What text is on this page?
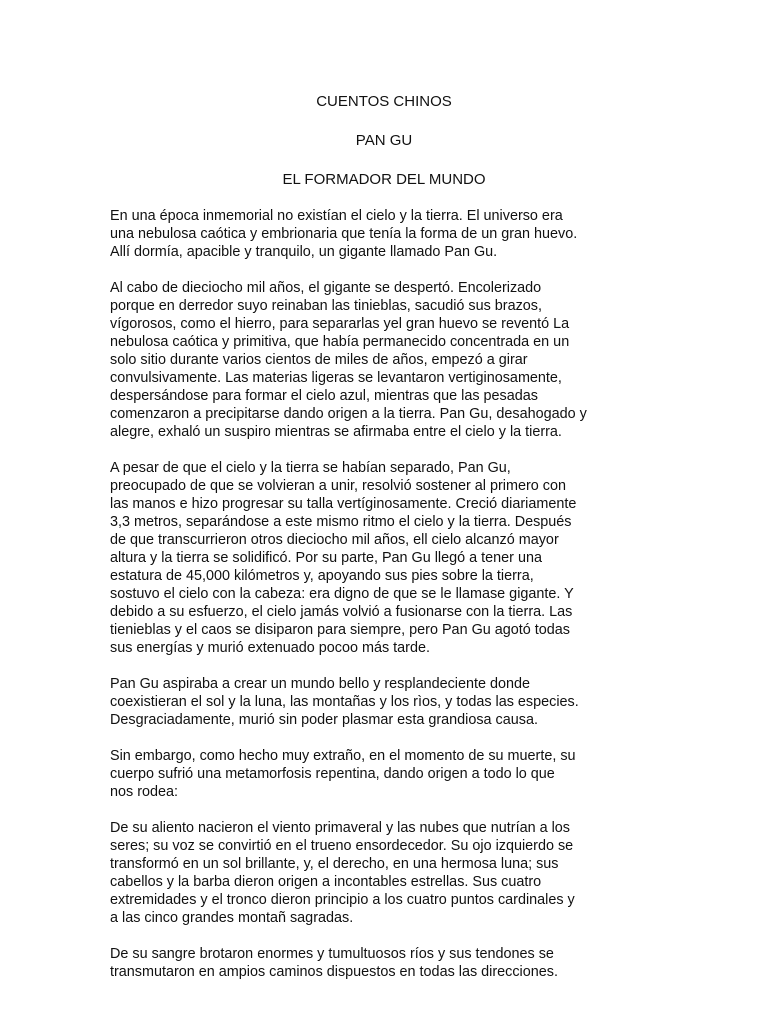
CUENTOS CHINOS
PAN GU
EL FORMADOR DEL MUNDO

En una época inmemorial no existían el cielo y la tierra. El universo era
una nebulosa caótica y embrionaria que tenía la forma de un gran huevo.
Allí dormía, apacible y tranquilo, un gigante llamado Pan Gu.

Al cabo de dieciocho mil años, el gigante se despertó. Encolerizado
porque en derredor suyo reinaban las tinieblas, sacudió sus brazos,
vígorosos, como el hierro, para separarlas yel gran huevo se reventó La
nebulosa caótica y primitiva, que había permanecido concentrada en un
solo sitio durante varios cientos de miles de años, empezó a girar
convulsivamente. Las materias ligeras se levantaron vertiginosamente,
despersándose para formar el cielo azul, mientras que las pesadas
comenzaron a precipitarse dando origen a la tierra. Pan Gu, desahogado y
alegre, exhaló un suspiro mientras se afirmaba entre el cielo y la tierra.

A pesar de que el cielo y la tierra se habían separado, Pan Gu,
preocupado de que se volvieran a unir, resolvió sostener al primero con
las manos e hizo progresar su talla vertíginosamente. Creció diariamente
3,3 metros, separándose a este mismo ritmo el cielo y la tierra. Después
de que transcurrieron otros dieciocho mil años, ell cielo alcanzó mayor
altura y la tierra se solidificó. Por su parte, Pan Gu llegó a tener una
estatura de 45,000 kilómetros y, apoyando sus pies sobre la tierra,
sostuvo el cielo con la cabeza: era digno de que se le llamase gigante. Y
debido a su esfuerzo, el cielo jamás volvió a fusionarse con la tierra. Las
tienieblas y el caos se disiparon para siempre, pero Pan Gu agotó todas
sus energías y murió extenuado pocoo más tarde.

Pan Gu aspiraba a crear un mundo bello y resplandeciente donde
coexistieran el sol y la luna, las montañas y los rìos, y todas las especies.
Desgraciadamente, murió sin poder plasmar esta grandiosa causa.

Sin embargo, como hecho muy extraño, en el momento de su muerte, su
cuerpo sufrió una metamorfosis repentina, dando origen a todo lo que
nos rodea:

De su aliento nacieron el viento primaveral y las nubes que nutrían a los
seres; su voz se convirtió en el trueno ensordecedor. Su ojo izquierdo se
transformó en un sol brillante, y, el derecho, en una hermosa luna; sus
cabellos y la barba dieron origen a incontables estrellas. Sus cuatro
extremidades y el tronco dieron principio a los cuatro puntos cardinales y
a las cinco grandes montañ sagradas.

De su sangre brotaron enormes y tumultuosos ríos y sus tendones se
transmutaron en ampios caminos dispuestos en todas las direcciones.
